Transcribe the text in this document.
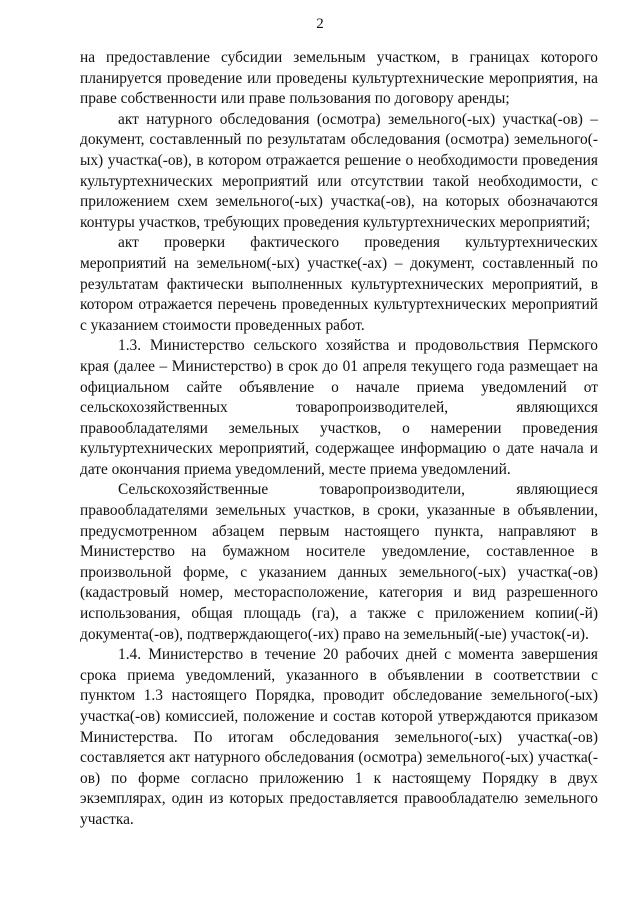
2

на предоставление субсидии земельным участком, в границах которого планируется проведение или проведены культуртехнические мероприятия, на праве собственности или праве пользования по договору аренды;

акт натурного обследования (осмотра) земельного(-ых) участка(-ов) – документ, составленный по результатам обследования (осмотра) земельного(-ых) участка(-ов), в котором отражается решение о необходимости проведения культуртехнических мероприятий или отсутствии такой необходимости, с приложением схем земельного(-ых) участка(-ов), на которых обозначаются контуры участков, требующих проведения культуртехнических мероприятий;

акт проверки фактического проведения культуртехнических мероприятий на земельном(-ых) участке(-ах) – документ, составленный по результатам фактически выполненных культуртехнических мероприятий, в котором отражается перечень проведенных культуртехнических мероприятий с указанием стоимости проведенных работ.

1.3. Министерство сельского хозяйства и продовольствия Пермского края (далее – Министерство) в срок до 01 апреля текущего года размещает на официальном сайте объявление о начале приема уведомлений от сельскохозяйственных товаропроизводителей, являющихся правообладателями земельных участков, о намерении проведения культуртехнических мероприятий, содержащее информацию о дате начала и дате окончания приема уведомлений, месте приема уведомлений.

Сельскохозяйственные товаропроизводители, являющиеся правообладателями земельных участков, в сроки, указанные в объявлении, предусмотренном абзацем первым настоящего пункта, направляют в Министерство на бумажном носителе уведомление, составленное в произвольной форме, с указанием данных земельного(-ых) участка(-ов) (кадастровый номер, месторасположение, категория и вид разрешенного использования, общая площадь (га), а также с приложением копии(-й) документа(-ов), подтверждающего(-их) право на земельный(-ые) участок(-и).

1.4. Министерство в течение 20 рабочих дней с момента завершения срока приема уведомлений, указанного в объявлении в соответствии с пунктом 1.3 настоящего Порядка, проводит обследование земельного(-ых) участка(-ов) комиссией, положение и состав которой утверждаются приказом Министерства. По итогам обследования земельного(-ых) участка(-ов) составляется акт натурного обследования (осмотра) земельного(-ых) участка(-ов) по форме согласно приложению 1 к настоящему Порядку в двух экземплярах, один из которых предоставляется правообладателю земельного участка.
